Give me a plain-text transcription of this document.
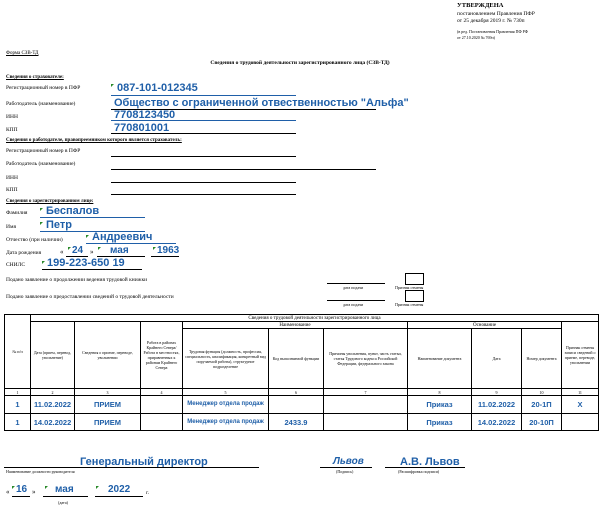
УТВЕРЖДЕНА
постановлением Правления ПФР
от 25 декабря 2019 г. № 730п
(в ред. Постановления Правления ПФ РФ
от 27.10.2020 № 769п)
Форма СЗВ-ТД
Сведения о трудовой деятельности зарегистрированного лица (СЗВ-ТД)
Сведения о страхователе:
Регистрационный номер в ПФР	087-101-012345
Работодатель (наименование)	Общество с ограниченной отвественностью "Альфа"
ИНН	7708123450
КПП	770801001
Сведения о работодателе, правопреемником которого является страхователь:
Регистрационный номер в ПФР
Работодатель (наименование)
ИНН
КПП
Сведения о зарегистрированном лице:
Фамилия Беспалов
Имя	Петр
Отчество (при наличии)	Андреевич
Дата рождения	« 24 » мая	1963
СНИЛС 199-223-650 19
Подано заявление о продолжении ведения трудовой книжки
дата подачи	Признак отмены
Подано заявление о предоставлении сведений о трудовой деятельности
дата подачи	Признак отмены
№ п/п	Сведения о трудовой деятельности зарегистрированного лица									
	Дата (прием, перевод, увольнение)	Сведения о приеме, переводе, увольнении	Работа в районах Крайнего Севера/Работа в местностях, приравненных к районам Крайнего Севера	Наименование			Основание			Признак отмены записи сведений о приеме, переводе, увольнении
				Трудовая функция (должность, профессия, специальность, квалификация, конкретный вид поручаемой работы), структурное подразделение	Код выполняемой функции	Причины увольнения, пункт, часть статьи, статья Трудового кодекса Российской Федерации, федерального закона	Наименование документа	Дата	Номер документа	
1	2	3	4	5	6	7	8	9	10	11
1	11.02.2022	ПРИЕМ		Менеджер отдела продаж			Приказ	11.02.2022	20-1П	Х
1	14.02.2022	ПРИЕМ		Менеджер отдела продаж	2433.9		Приказ	14.02.2022	20-10П	
Генеральный директор
Наименование должности руководителя
Львов
(Подпись)
А.В. Львов
(Расшифровка подписи)
« 16 » мая	2022	г.
(дата)
